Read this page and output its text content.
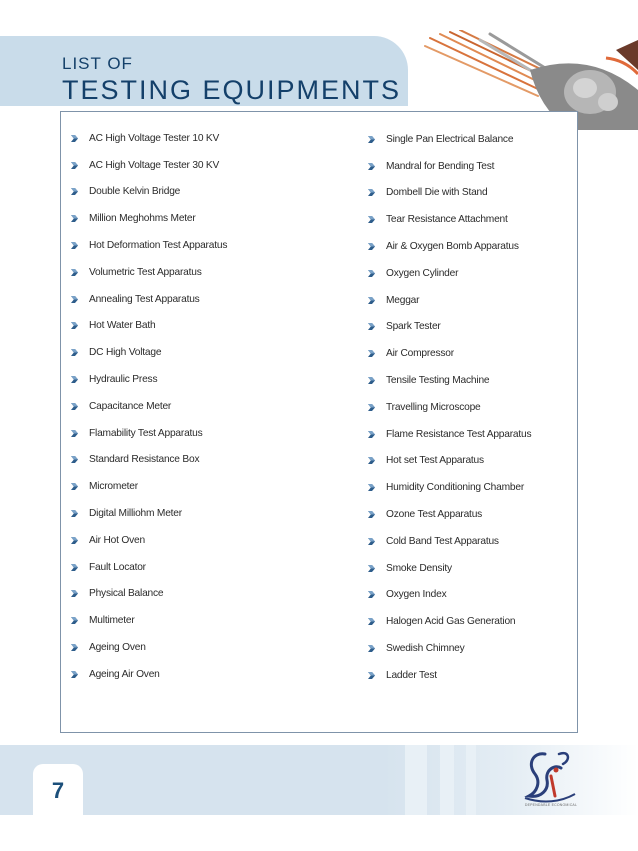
LIST OF
TESTING EQUIPMENTS
AC High Voltage Tester 10 KV
AC High Voltage Tester 30 KV
Double Kelvin Bridge
Million Meghohms Meter
Hot Deformation Test Apparatus
Volumetric Test Apparatus
Annealing Test Apparatus
Hot Water Bath
DC High Voltage
Hydraulic Press
Capacitance Meter
Flamability Test Apparatus
Standard Resistance Box
Micrometer
Digital Milliohm Meter
Air Hot Oven
Fault Locator
Physical Balance
Multimeter
Ageing Oven
Ageing Air Oven
Single Pan Electrical Balance
Mandral for Bending Test
Dombell Die with Stand
Tear Resistance Attachment
Air & Oxygen Bomb Apparatus
Oxygen Cylinder
Meggar
Spark Tester
Air Compressor
Tensile Testing Machine
Travelling Microscope
Flame Resistance Test Apparatus
Hot set Test Apparatus
Humidity Conditioning Chamber
Ozone Test Apparatus
Cold Band Test Apparatus
Smoke Density
Oxygen Index
Halogen Acid Gas Generation
Swedish Chimney
Ladder Test
7
DEPENDABLE ECONOMICAL
